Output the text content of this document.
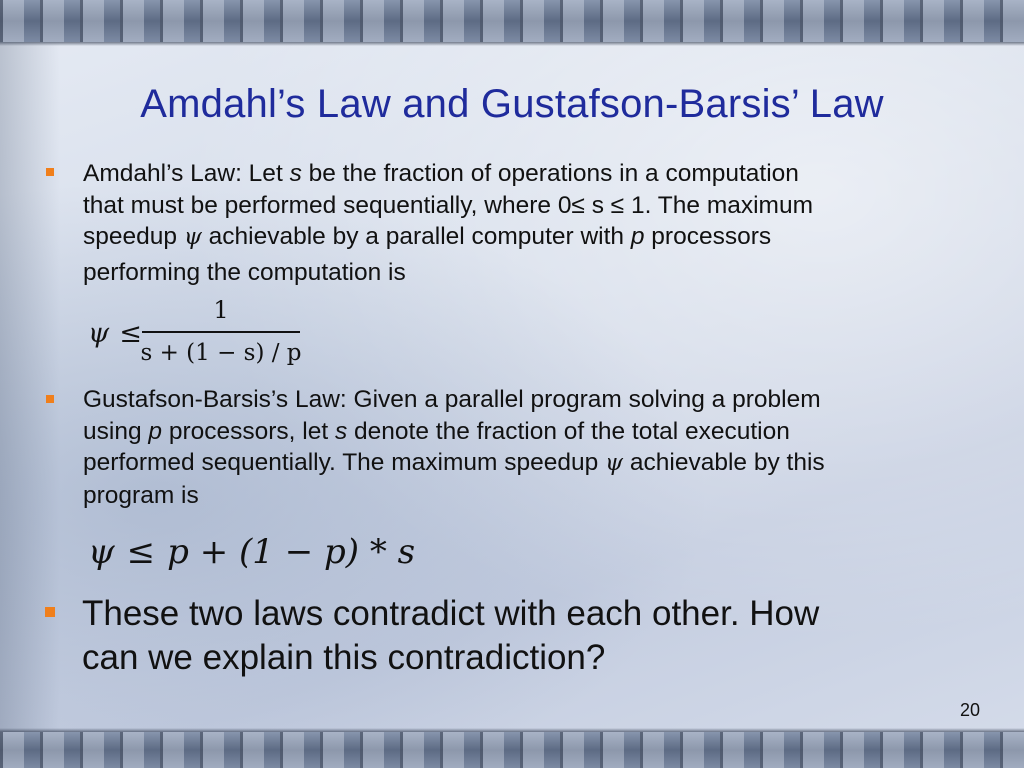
Amdahl’s Law and Gustafson-Barsis’ Law
Amdahl’s Law: Let s be the fraction of operations in a computation
that must be performed sequentially, where 0≤ s ≤ 1. The maximum
speedup ψ achievable by a parallel computer with p processors
performing the computation is
ψ ≤
1
s + (1 − s) / p
Gustafson-Barsis’s Law: Given a parallel program solving a problem
using p processors, let s denote the fraction of the total execution
performed sequentially. The maximum speedup ψ achievable by this
program is
ψ ≤ p + (1 − p) * s
These two laws contradict with each other. How
can we explain this contradiction?
20
